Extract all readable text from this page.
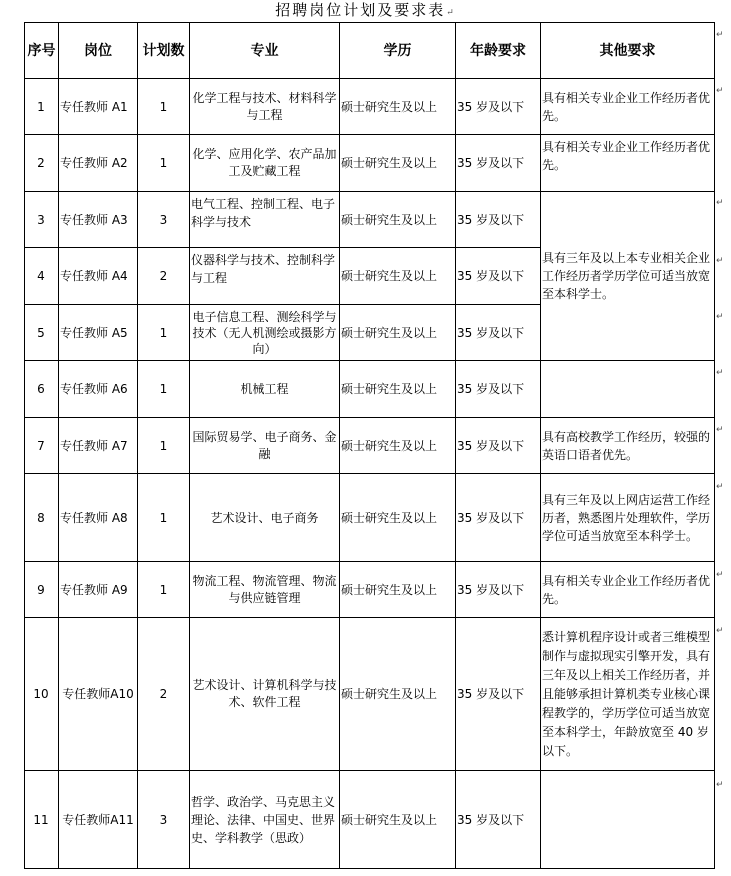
招聘岗位计划及要求表↵
序号	岗位	计划数	专业	学历	年龄要求	其他要求
1	专任教师 A1	1	化学工程与技术、材料科学与工程	硕士研究生及以上	35 岁及以下	具有相关专业企业工作经历者优先。
2	专任教师 A2	1	化学、应用化学、农产品加工及贮藏工程	硕士研究生及以上	35 岁及以下	具有相关专业企业工作经历者优先。
3	专任教师 A3	3	电气工程、控制工程、电子科学与技术	硕士研究生及以上	35 岁及以下	具有三年及以上本专业相关企业工作经历者学历学位可适当放宽至本科学士。
4	专任教师 A4	2	仪器科学与技术、控制科学与工程	硕士研究生及以上	35 岁及以下	
5	专任教师 A5	1	电子信息工程、测绘科学与技术（无人机测绘或摄影方向）	硕士研究生及以上	35 岁及以下	
6	专任教师 A6	1	机械工程	硕士研究生及以上	35 岁及以下	
7	专任教师 A7	1	国际贸易学、电子商务、金融	硕士研究生及以上	35 岁及以下	具有高校教学工作经历，较强的英语口语者优先。
8	专任教师 A8	1	艺术设计、电子商务	硕士研究生及以上	35 岁及以下	具有三年及以上网店运营工作经历者，熟悉图片处理软件，学历学位可适当放宽至本科学士。
9	专任教师 A9	1	物流工程、物流管理、物流与供应链管理	硕士研究生及以上	35 岁及以下	具有相关专业企业工作经历者优先。
10	专任教师A10	2	艺术设计、计算机科学与技术、软件工程	硕士研究生及以上	35 岁及以下	悉计算机程序设计或者三维模型制作与虚拟现实引擎开发，具有三年及以上相关工作经历者，并且能够承担计算机类专业核心课程教学的，学历学位可适当放宽至本科学士，年龄放宽至 40 岁以下。
11	专任教师A11	3	哲学、政治学、马克思主义理论、法律、中国史、世界史、学科教学（思政）	硕士研究生及以上	35 岁及以下	
↵
↵
↵
↵
↵
↵
↵
↵
↵
↵
↵
